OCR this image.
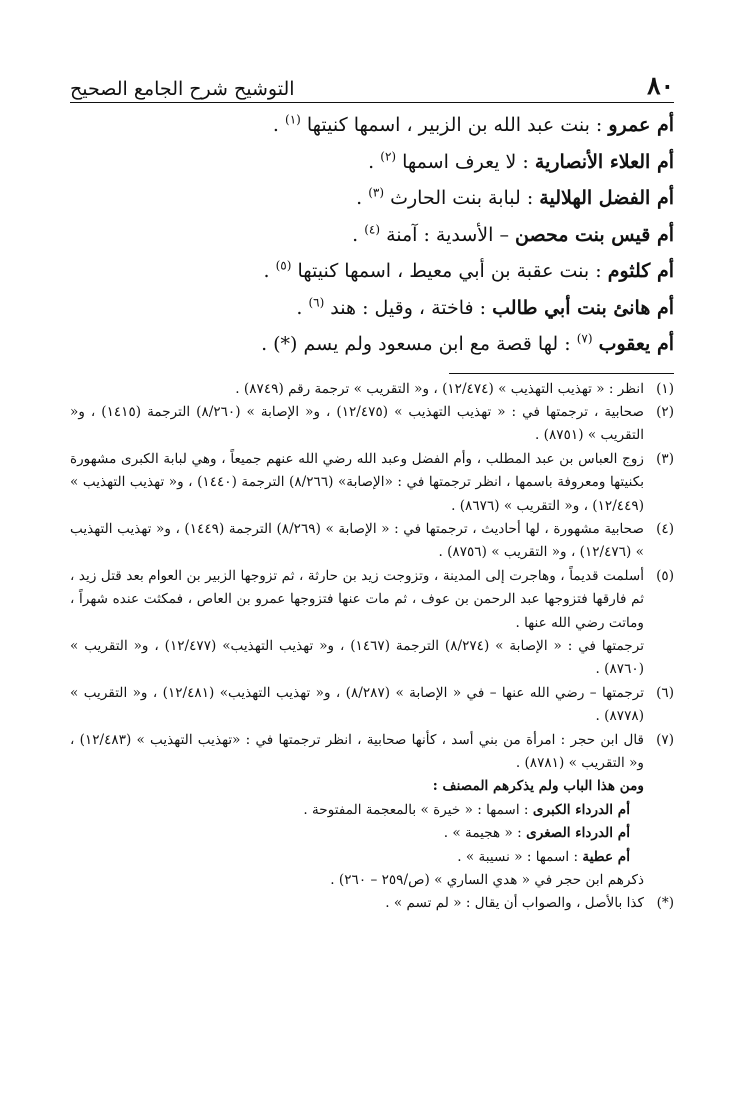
٨٠
التوشيح شرح الجامع الصحيح
أم عمرو : بنت عبد الله بن الزبير ، اسمها كنيتها $^{(١)}$ .
أم العلاء الأنصارية : لا يعرف اسمها $^{(٢)}$ .
أم الفضل الهلالية : لبابة بنت الحارث $^{(٣)}$ .
أم قيس بنت محصن – الأسدية : آمنة $^{(٤)}$ .
أم كلثوم : بنت عقبة بن أبي معيط ، اسمها كنيتها $^{(٥)}$ .
أم هانئ بنت أبي طالب : فاختة ، وقيل : هند $^{(٦)}$ .
أم يعقوب $^{(٧)}$ : لها قصة مع ابن مسعود ولم يسم (*) .
(١)

انظر : « تهذيب التهذيب » (١٢/٤٧٤) ، و« التقريب » ترجمة رقم (٨٧٤٩) .

(٢)

صحابية ، ترجمتها في : « تهذيب التهذيب » (١٢/٤٧٥) ، و« الإصابة » (٨/٢٦٠) الترجمة (١٤١٥) ، و« التقريب » (٨٧٥١) .

(٣)

زوج العباس بن عبد المطلب ، وأم الفضل وعبد الله رضي الله عنهم جميعاً ، وهي لبابة الكبرى مشهورة بكنيتها ومعروفة باسمها ، انظر ترجمتها في : «الإصابة» (٨/٢٦٦) الترجمة (١٤٤٠) ، و« تهذيب التهذيب » (١٢/٤٤٩) ، و« التقريب » (٨٦٧٦) .

(٤)

صحابية مشهورة ، لها أحاديث ، ترجمتها في : « الإصابة » (٨/٢٦٩) الترجمة (١٤٤٩) ، و« تهذيب التهذيب » (١٢/٤٧٦) ، و« التقريب » (٨٧٥٦) .

(٥)

أسلمت قديماً ، وهاجرت إلى المدينة ، وتزوجت زيد بن حارثة ، ثم تزوجها الزبير بن العوام بعد قتل زيد ، ثم فارقها فتزوجها عبد الرحمن بن عوف ، ثم مات عنها فتزوجها عمرو بن العاص ، فمكثت عنده شهراً ، وماتت رضي الله عنها .

ترجمتها في : « الإصابة » (٨/٢٧٤) الترجمة (١٤٦٧) ، و« تهذيب التهذيب» (١٢/٤٧٧) ، و« التقريب » (٨٧٦٠) .

(٦)

ترجمتها – رضي الله عنها – في « الإصابة » (٨/٢٨٧) ، و« تهذيب التهذيب» (١٢/٤٨١) ، و« التقريب » (٨٧٧٨) .

(٧)

قال ابن حجر : امرأة من بني أسد ، كأنها صحابية ، انظر ترجمتها في : «تهذيب التهذيب » (١٢/٤٨٣) ، و« التقريب » (٨٧٨١) .

ومن هذا الباب ولم يذكرهم المصنف :

أم الدرداء الكبرى : اسمها : « خيرة » بالمعجمة المفتوحة .

أم الدرداء الصغرى : « هجيمة » .

أم عطية : اسمها : « نسيبة » .

ذكرهم ابن حجر في « هدي الساري » (ص/٢٥٩ – ٢٦٠) .

(*)

كذا بالأصل ، والصواب أن يقال : « لم تسم » .
